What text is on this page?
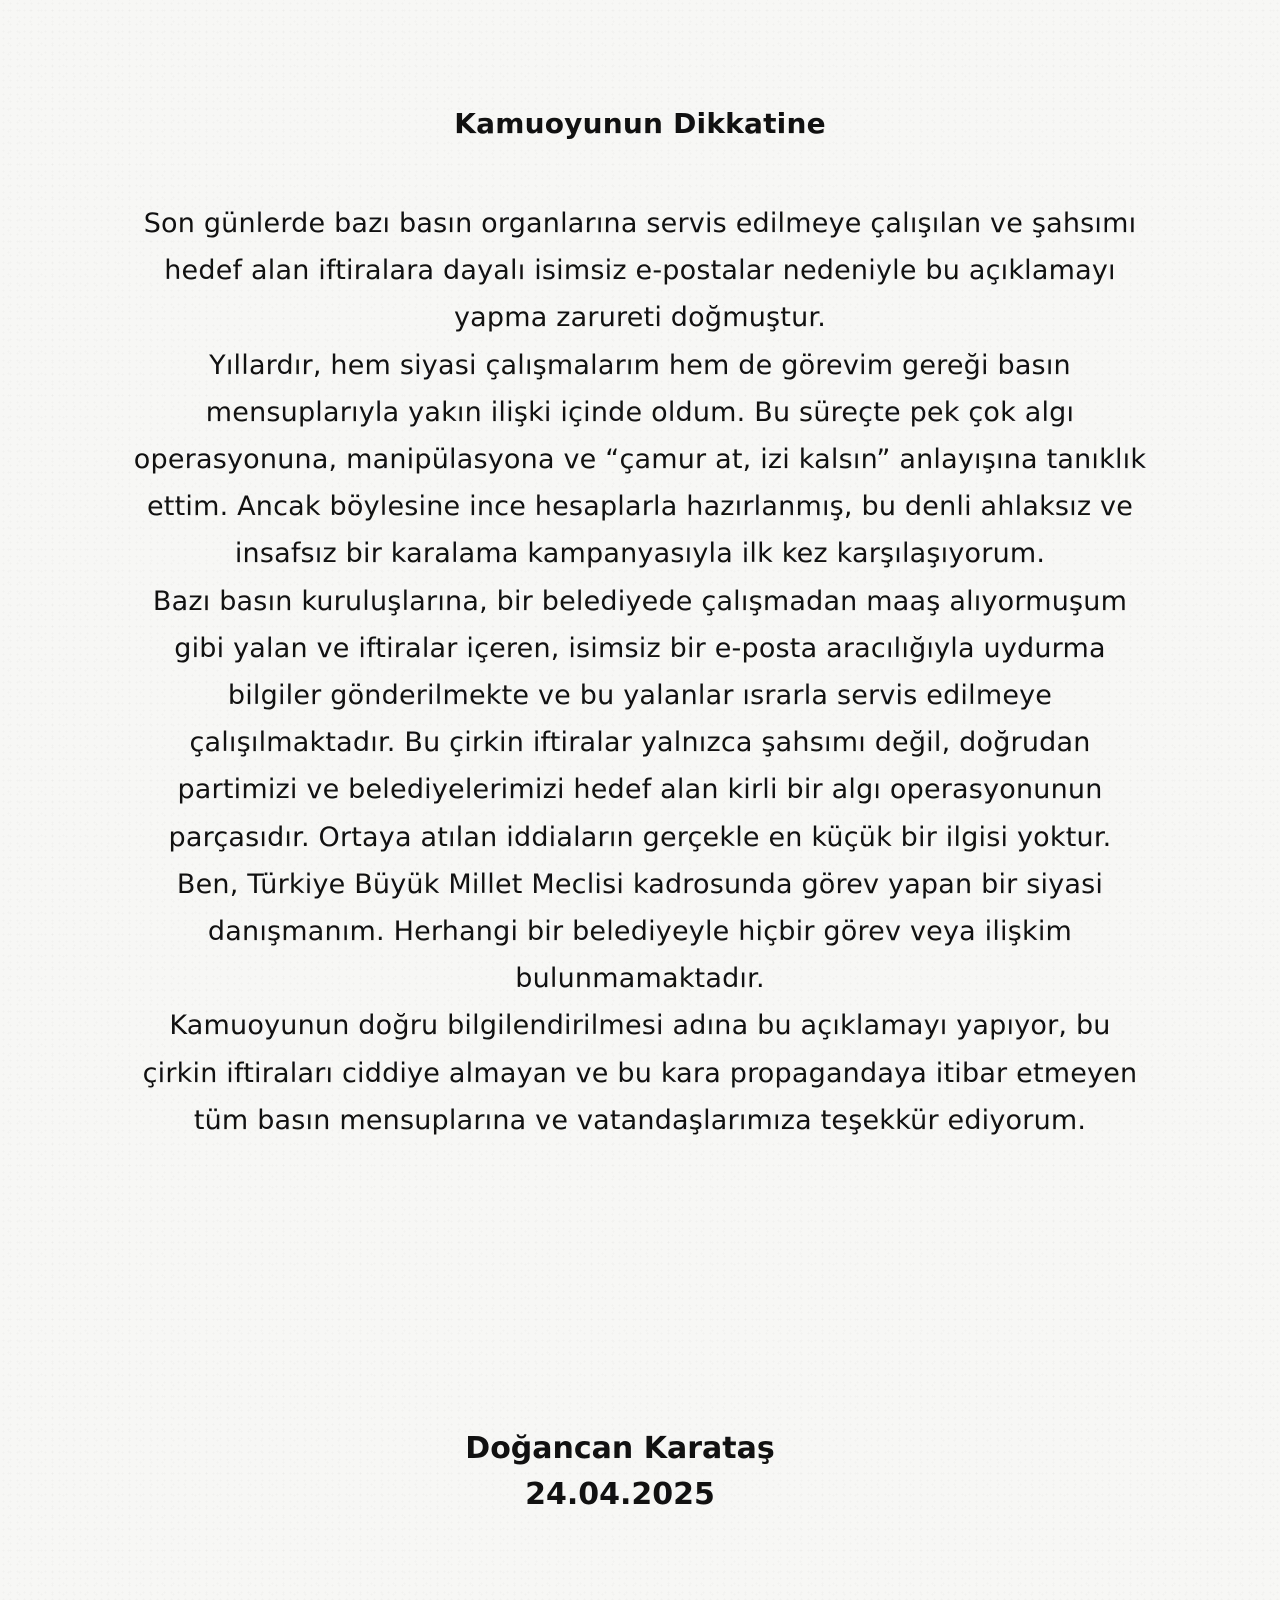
Kamuoyunun Dikkatine

Son günlerde bazı basın organlarına servis edilmeye çalışılan ve şahsımı hedef alan iftiralara dayalı isimsiz e-postalar nedeniyle bu açıklamayı yapma zarureti doğmuştur.

Yıllardır, hem siyasi çalışmalarım hem de görevim gereği basın mensuplarıyla yakın ilişki içinde oldum. Bu süreçte pek çok algı operasyonuna, manipülasyona ve “çamur at, izi kalsın” anlayışına tanıklık ettim. Ancak böylesine ince hesaplarla hazırlanmış, bu denli ahlaksız ve insafsız bir karalama kampanyasıyla ilk kez karşılaşıyorum.

Bazı basın kuruluşlarına, bir belediyede çalışmadan maaş alıyormuşum gibi yalan ve iftiralar içeren, isimsiz bir e-posta aracılığıyla uydurma bilgiler gönderilmekte ve bu yalanlar ısrarla servis edilmeye çalışılmaktadır. Bu çirkin iftiralar yalnızca şahsımı değil, doğrudan partimizi ve belediyelerimizi hedef alan kirli bir algı operasyonunun parçasıdır. Ortaya atılan iddiaların gerçekle en küçük bir ilgisi yoktur.

Ben, Türkiye Büyük Millet Meclisi kadrosunda görev yapan bir siyasi danışmanım. Herhangi bir belediyeyle hiçbir görev veya ilişkim bulunmamaktadır.

Kamuoyunun doğru bilgilendirilmesi adına bu açıklamayı yapıyor, bu çirkin iftiraları ciddiye almayan ve bu kara propagandaya itibar etmeyen tüm basın mensuplarına ve vatandaşlarımıza teşekkür ediyorum.

Doğancan Karataş
24.04.2025
